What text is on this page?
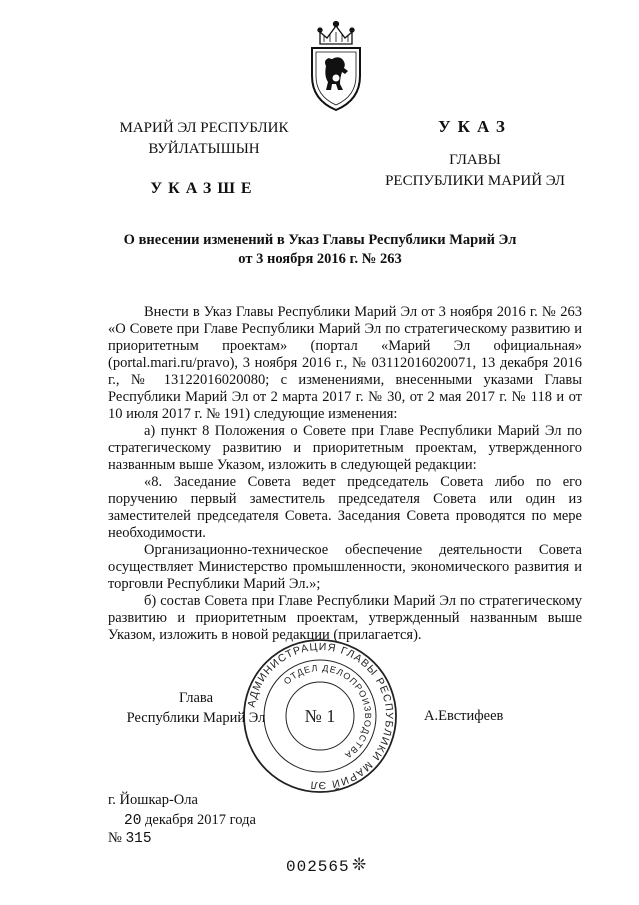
МАРИЙ ЭЛ РЕСПУБЛИК
ВУЙЛАТЫШЫН
УКАЗШЕ
УКАЗ
ГЛАВЫ
РЕСПУБЛИКИ МАРИЙ ЭЛ
О внесении изменений в Указ Главы Республики Марий Эл
от 3 ноября 2016 г. № 263

Внести в Указ Главы Республики Марий Эл от 3 ноября 2016 г. № 263 «О Совете при Главе Республики Марий Эл по стратегическому развитию и приоритетным проектам» (портал «Марий Эл официальная» (portal.mari.ru/pravo), 3 ноября 2016 г., № 03112016020071, 13 декабря 2016 г., № 13122016020080; с изменениями, внесенными указами Главы Республики Марий Эл от 2 марта 2017 г. № 30, от 2 мая 2017 г. № 118 и от 10 июля 2017 г. № 191) следующие изменения:

а) пункт 8 Положения о Совете при Главе Республики Марий Эл по стратегическому развитию и приоритетным проектам, утвержденного названным выше Указом, изложить в следующей редакции:

«8. Заседание Совета ведет председатель Совета либо по его поручению первый заместитель председателя Совета или один из заместителей председателя Совета. Заседания Совета проводятся по мере необходимости.

Организационно-техническое обеспечение деятельности Совета осуществляет Министерство промышленности, экономического развития и торговли Республики Марий Эл.»;

б) состав Совета при Главе Республики Марий Эл по стратегическому развитию и приоритетным проектам, утвержденный названным выше Указом, изложить в новой редакции (прилагается).

АДМИНИСТРАЦИЯ ГЛАВЫ РЕСПУБЛИКИ МАРИЙ ЭЛ
ОТДЕЛ ДЕЛОПРОИЗВОДСТВА
№ 1
Глава
Республики Марий Эл	А.Евстифеев
г. Йошкар-Ола
20 декабря 2017 года
№ 315
002565 ❊
